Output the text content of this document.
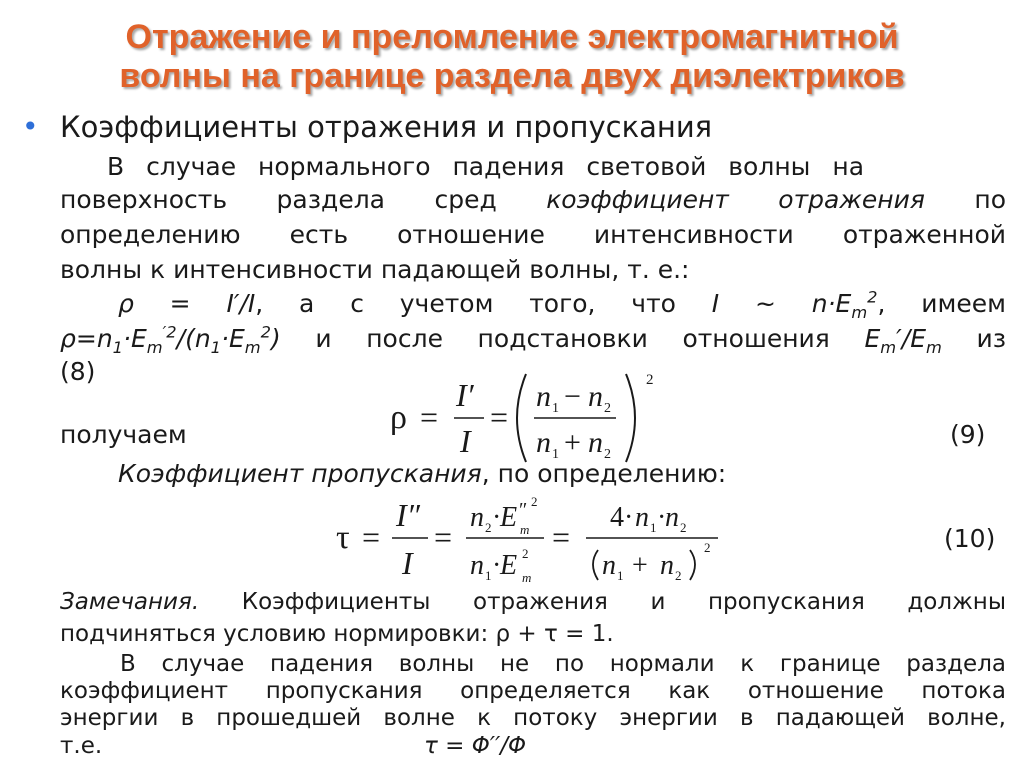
Отражение и преломление электромагнитной
волны на границе раздела двух диэлектриков
• Коэффициенты отражения и пропускания
В случае нормального падения световой волны на
поверхность раздела сред коэффициент отражения по
определению есть отношение интенсивности отраженной
волны к интенсивности падающей волны, т. е.:
ρ = I′/I, а с учетом того, что I ~ $n\cdot E_m^2$, имеем
$\rho=n_1\cdot E_m^{'2}/(n_1\cdot E_m^2)$ и после подстановки отношения $E_m'/E_m$ из
(8)
получаем	ρ =
I′
I
=
n 1 − n 2
n 1 + n 2
2
(9)
Коэффициент пропускания, по определению:
τ =
I″
I
=
n 2 ·
E ″ 2
m
n 1 ·
E 2
m
=
4· n 1 ·
n 2
n 1 + n 2
2	(10)
Замечания. Коэффициенты отражения и пропускания должны
подчиняться условию нормировки: ρ + τ = 1.
В случае падения волны не по нормали к границе раздела
коэффициент пропускания определяется как отношение потока
энергии в прошедшей волне к потоку энергии в падающей волне,
т.е.	τ = Φ′′/Φ
